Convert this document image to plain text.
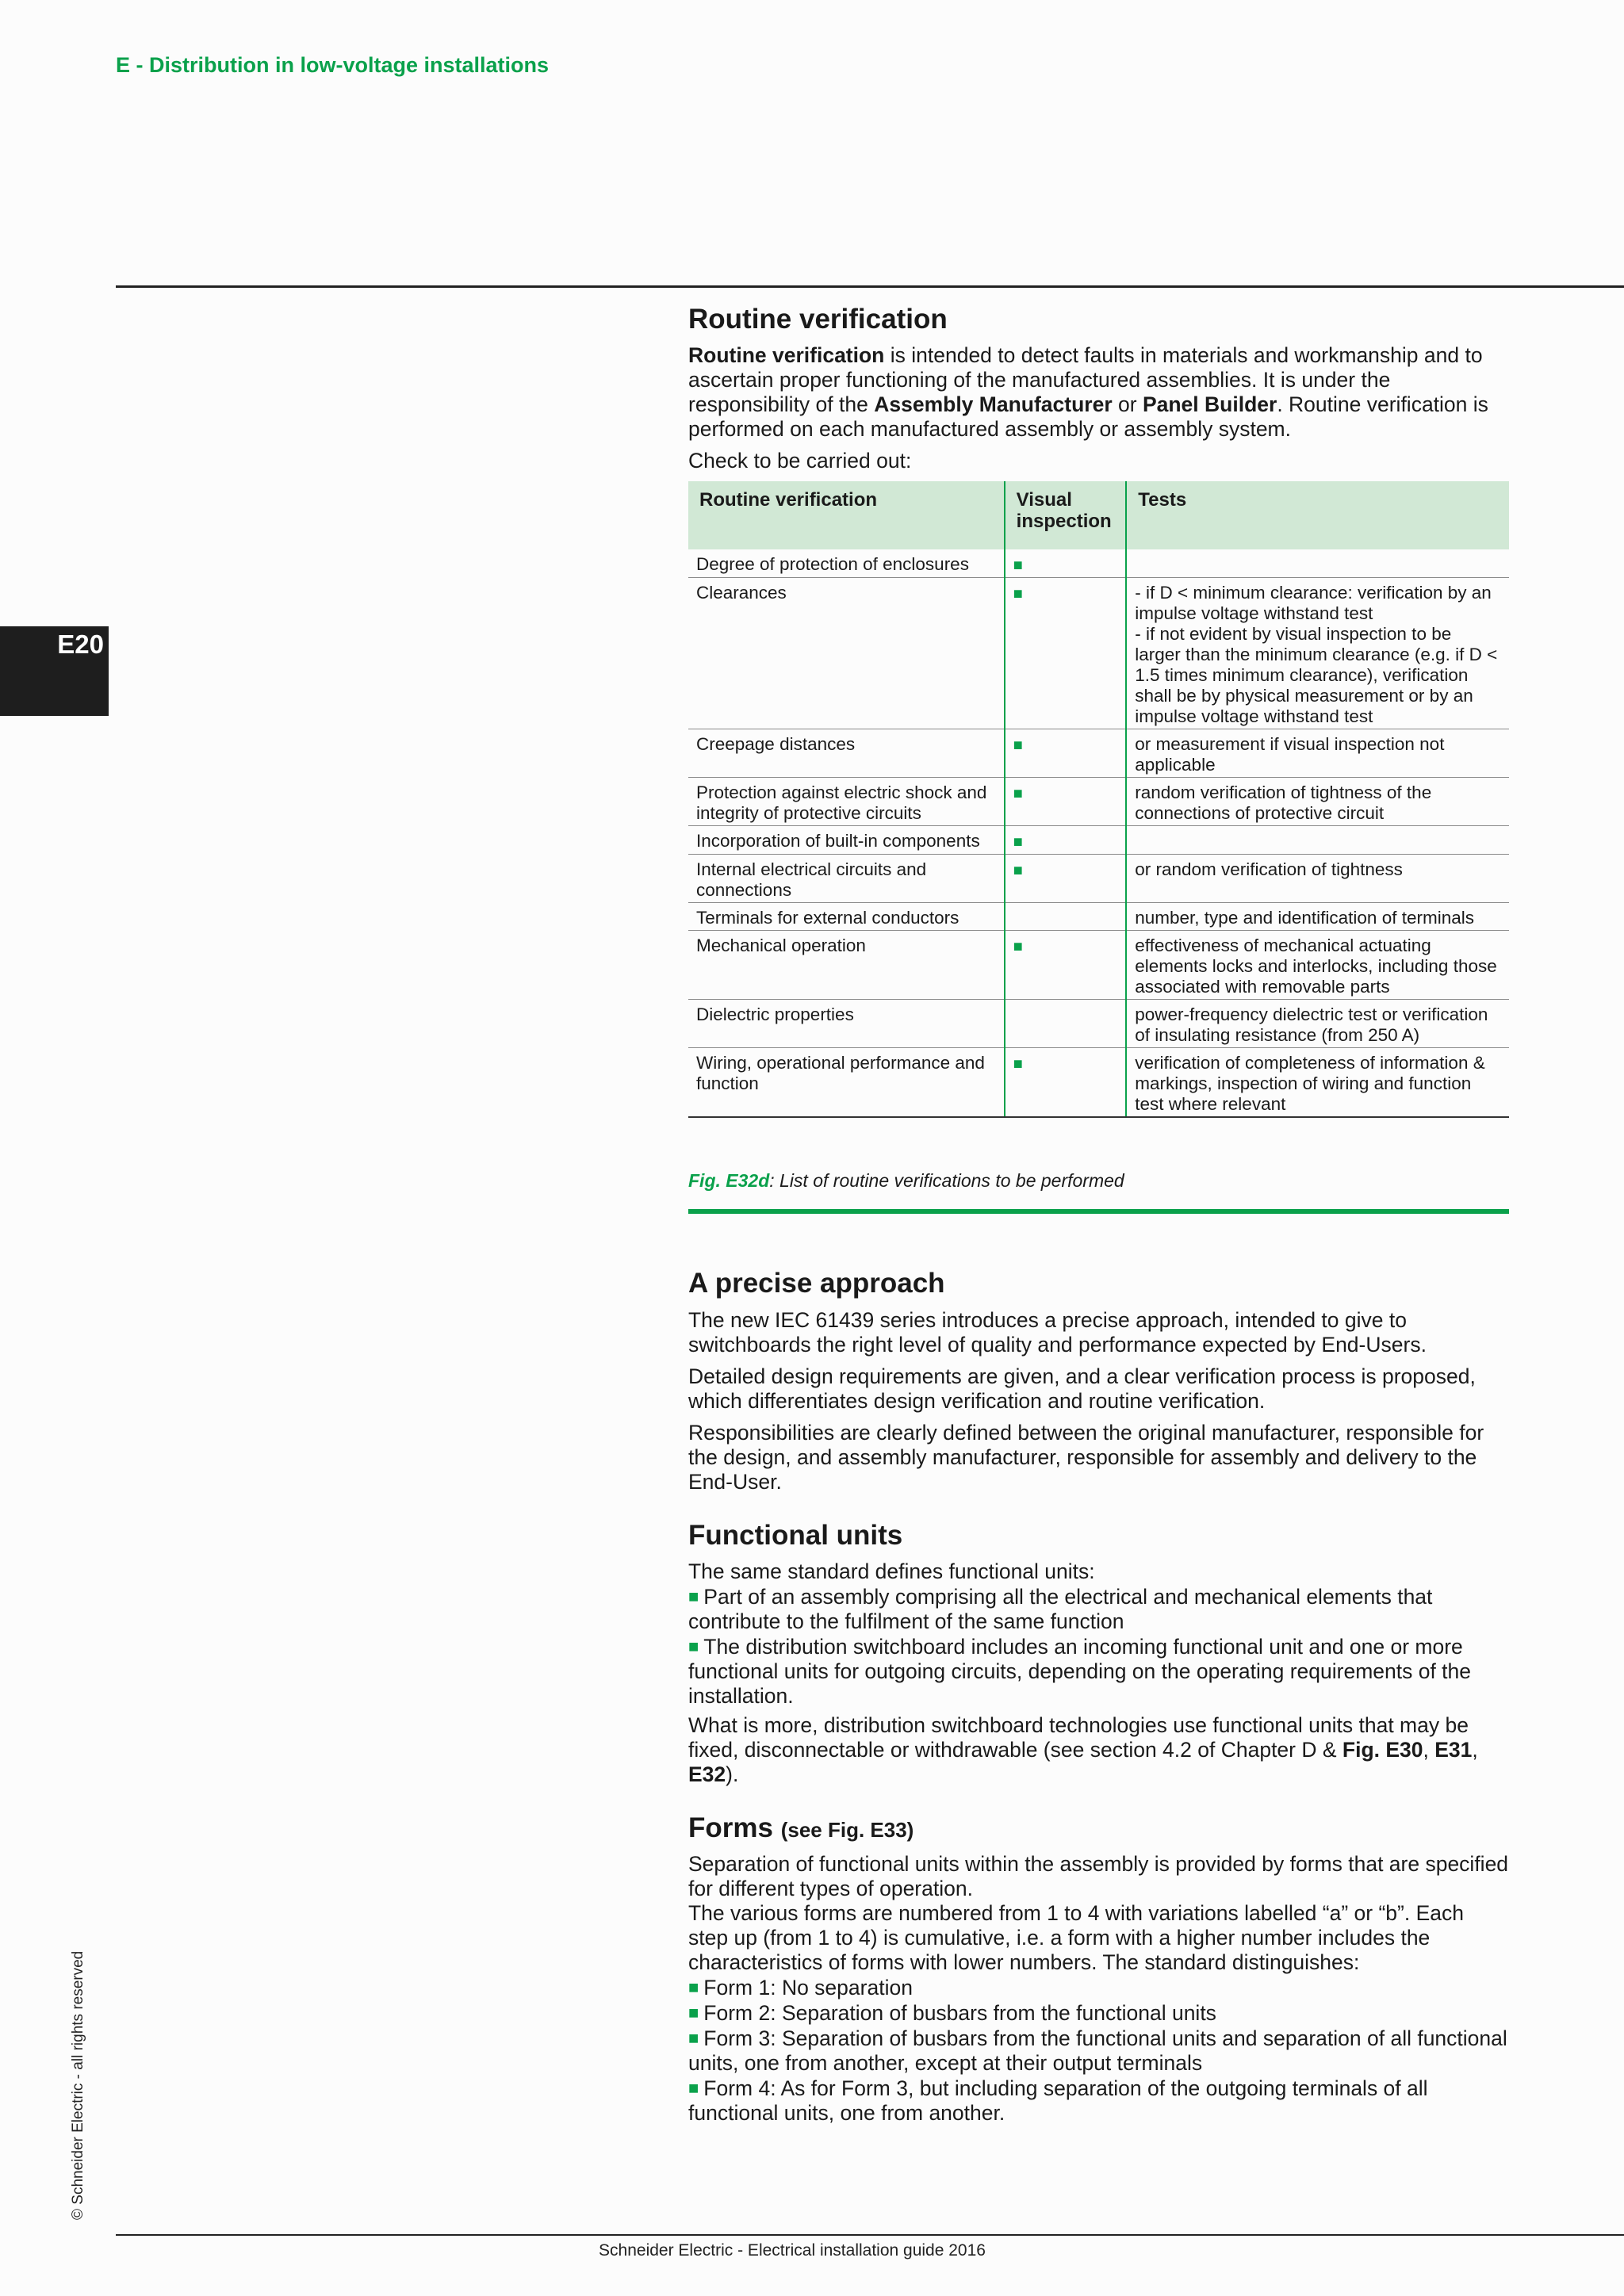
E - Distribution in low-voltage installations
E20
© Schneider Electric - all rights reserved
Routine verification

Routine verification is intended to detect faults in materials and workmanship and to ascertain proper functioning of the manufactured assemblies. It is under the responsibility of the Assembly Manufacturer or Panel Builder. Routine verification is performed on each manufactured assembly or assembly system.

Check to be carried out:

Routine verification	Visual inspection	Tests
Degree of protection of enclosures	■	
Clearances	■	- if D < minimum clearance: verification by an impulse voltage withstand test
- if not evident by visual inspection to be larger than the minimum clearance (e.g. if D < 1.5 times minimum clearance), verification shall be by physical measurement or by an impulse voltage withstand test

Creepage distances	■	or measurement if visual inspection not applicable

Protection against electric shock and integrity of protective circuits	■	random verification of tightness of the connections of protective circuit

Incorporation of built-in components	■	
Internal electrical circuits and connections	■	or random verification of tightness

Terminals for external conductors		number, type and identification of terminals

Mechanical operation	■	effectiveness of mechanical actuating elements locks and interlocks, including those associated with removable parts

Dielectric properties		power-frequency dielectric test or verification of insulating resistance (from 250 A)

Wiring, operational performance and function	■	verification of completeness of information & markings, inspection of wiring and function test where relevant
Fig. E32d: List of routine verifications to be performed
A precise approach

The new IEC 61439 series introduces a precise approach, intended to give to switchboards the right level of quality and performance expected by End-Users.

Detailed design requirements are given, and a clear verification process is proposed, which differentiates design verification and routine verification.

Responsibilities are clearly defined between the original manufacturer, responsible for the design, and assembly manufacturer, responsible for assembly and delivery to the End-User.

Functional units
The same standard defines functional units:
■ Part of an assembly comprising all the electrical and mechanical elements that contribute to the fulfilment of the same function
■ The distribution switchboard includes an incoming functional unit and one or more functional units for outgoing circuits, depending on the operating requirements of the installation.
What is more, distribution switchboard technologies use functional units that may be fixed, disconnectable or withdrawable (see section 4.2 of Chapter D & Fig. E30, E31, E32).
Forms (see Fig. E33)
Separation of functional units within the assembly is provided by forms that are specified for different types of operation.
The various forms are numbered from 1 to 4 with variations labelled “a” or “b”. Each step up (from 1 to 4) is cumulative, i.e. a form with a higher number includes the characteristics of forms with lower numbers. The standard distinguishes:
■ Form 1: No separation
■ Form 2: Separation of busbars from the functional units
■ Form 3: Separation of busbars from the functional units and separation of all functional units, one from another, except at their output terminals
■ Form 4: As for Form 3, but including separation of the outgoing terminals of all functional units, one from another.
Schneider Electric - Electrical installation guide 2016
